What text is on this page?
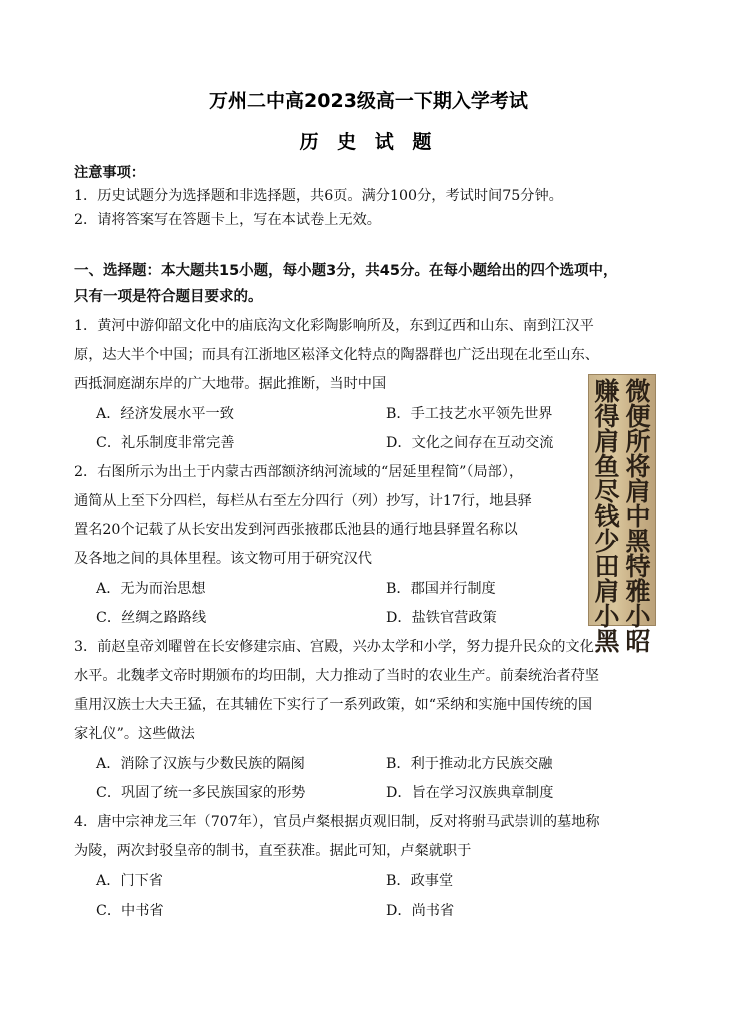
万州二中高2023级高一下期入学考试
历 史 试 题
注意事项：
1．历史试题分为选择题和非选择题，共6页。满分100分，考试时间75分钟。
2．请将答案写在答题卡上，写在本试卷上无效。
一、选择题：本大题共15小题，每小题3分，共45分。在每小题给出的四个选项中，
只有一项是符合题目要求的。
1．黄河中游仰韶文化中的庙底沟文化彩陶影响所及，东到辽西和山东、南到江汉平
原，达大半个中国；而具有江浙地区崧泽文化特点的陶器群也广泛出现在北至山东、
西抵洞庭湖东岸的广大地带。据此推断，当时中国
A．经济发展水平一致	B．手工技艺水平领先世界
C．礼乐制度非常完善	D．文化之间存在互动交流
2．右图所示为出土于内蒙古西部额济纳河流域的“居延里程简”（局部），
通简从上至下分四栏，每栏从右至左分四行（列）抄写，计17行，地县驿
置名20个记载了从长安出发到河西张掖郡氐池县的通行地县驿置名称以
及各地之间的具体里程。该文物可用于研究汉代
A．无为而治思想	B．郡国并行制度
C．丝绸之路路线	D．盐铁官营政策
微便所将肩中黑特雅小昭
赚得肩鱼尽钱少田肩小黑
3．前赵皇帝刘曜曾在长安修建宗庙、宫殿，兴办太学和小学，努力提升民众的文化
水平。北魏孝文帝时期颁布的均田制，大力推动了当时的农业生产。前秦统治者苻坚
重用汉族士大夫王猛，在其辅佐下实行了一系列政策，如“采纳和实施中国传统的国
家礼仪”。这些做法
A．消除了汉族与少数民族的隔阂	B．利于推动北方民族交融
C．巩固了统一多民族国家的形势	D．旨在学习汉族典章制度
4．唐中宗神龙三年（707年），官员卢粲根据贞观旧制，反对将驸马武崇训的墓地称
为陵，两次封驳皇帝的制书，直至获准。据此可知，卢粲就职于
A．门下省	B．政事堂
C．中书省	D．尚书省
